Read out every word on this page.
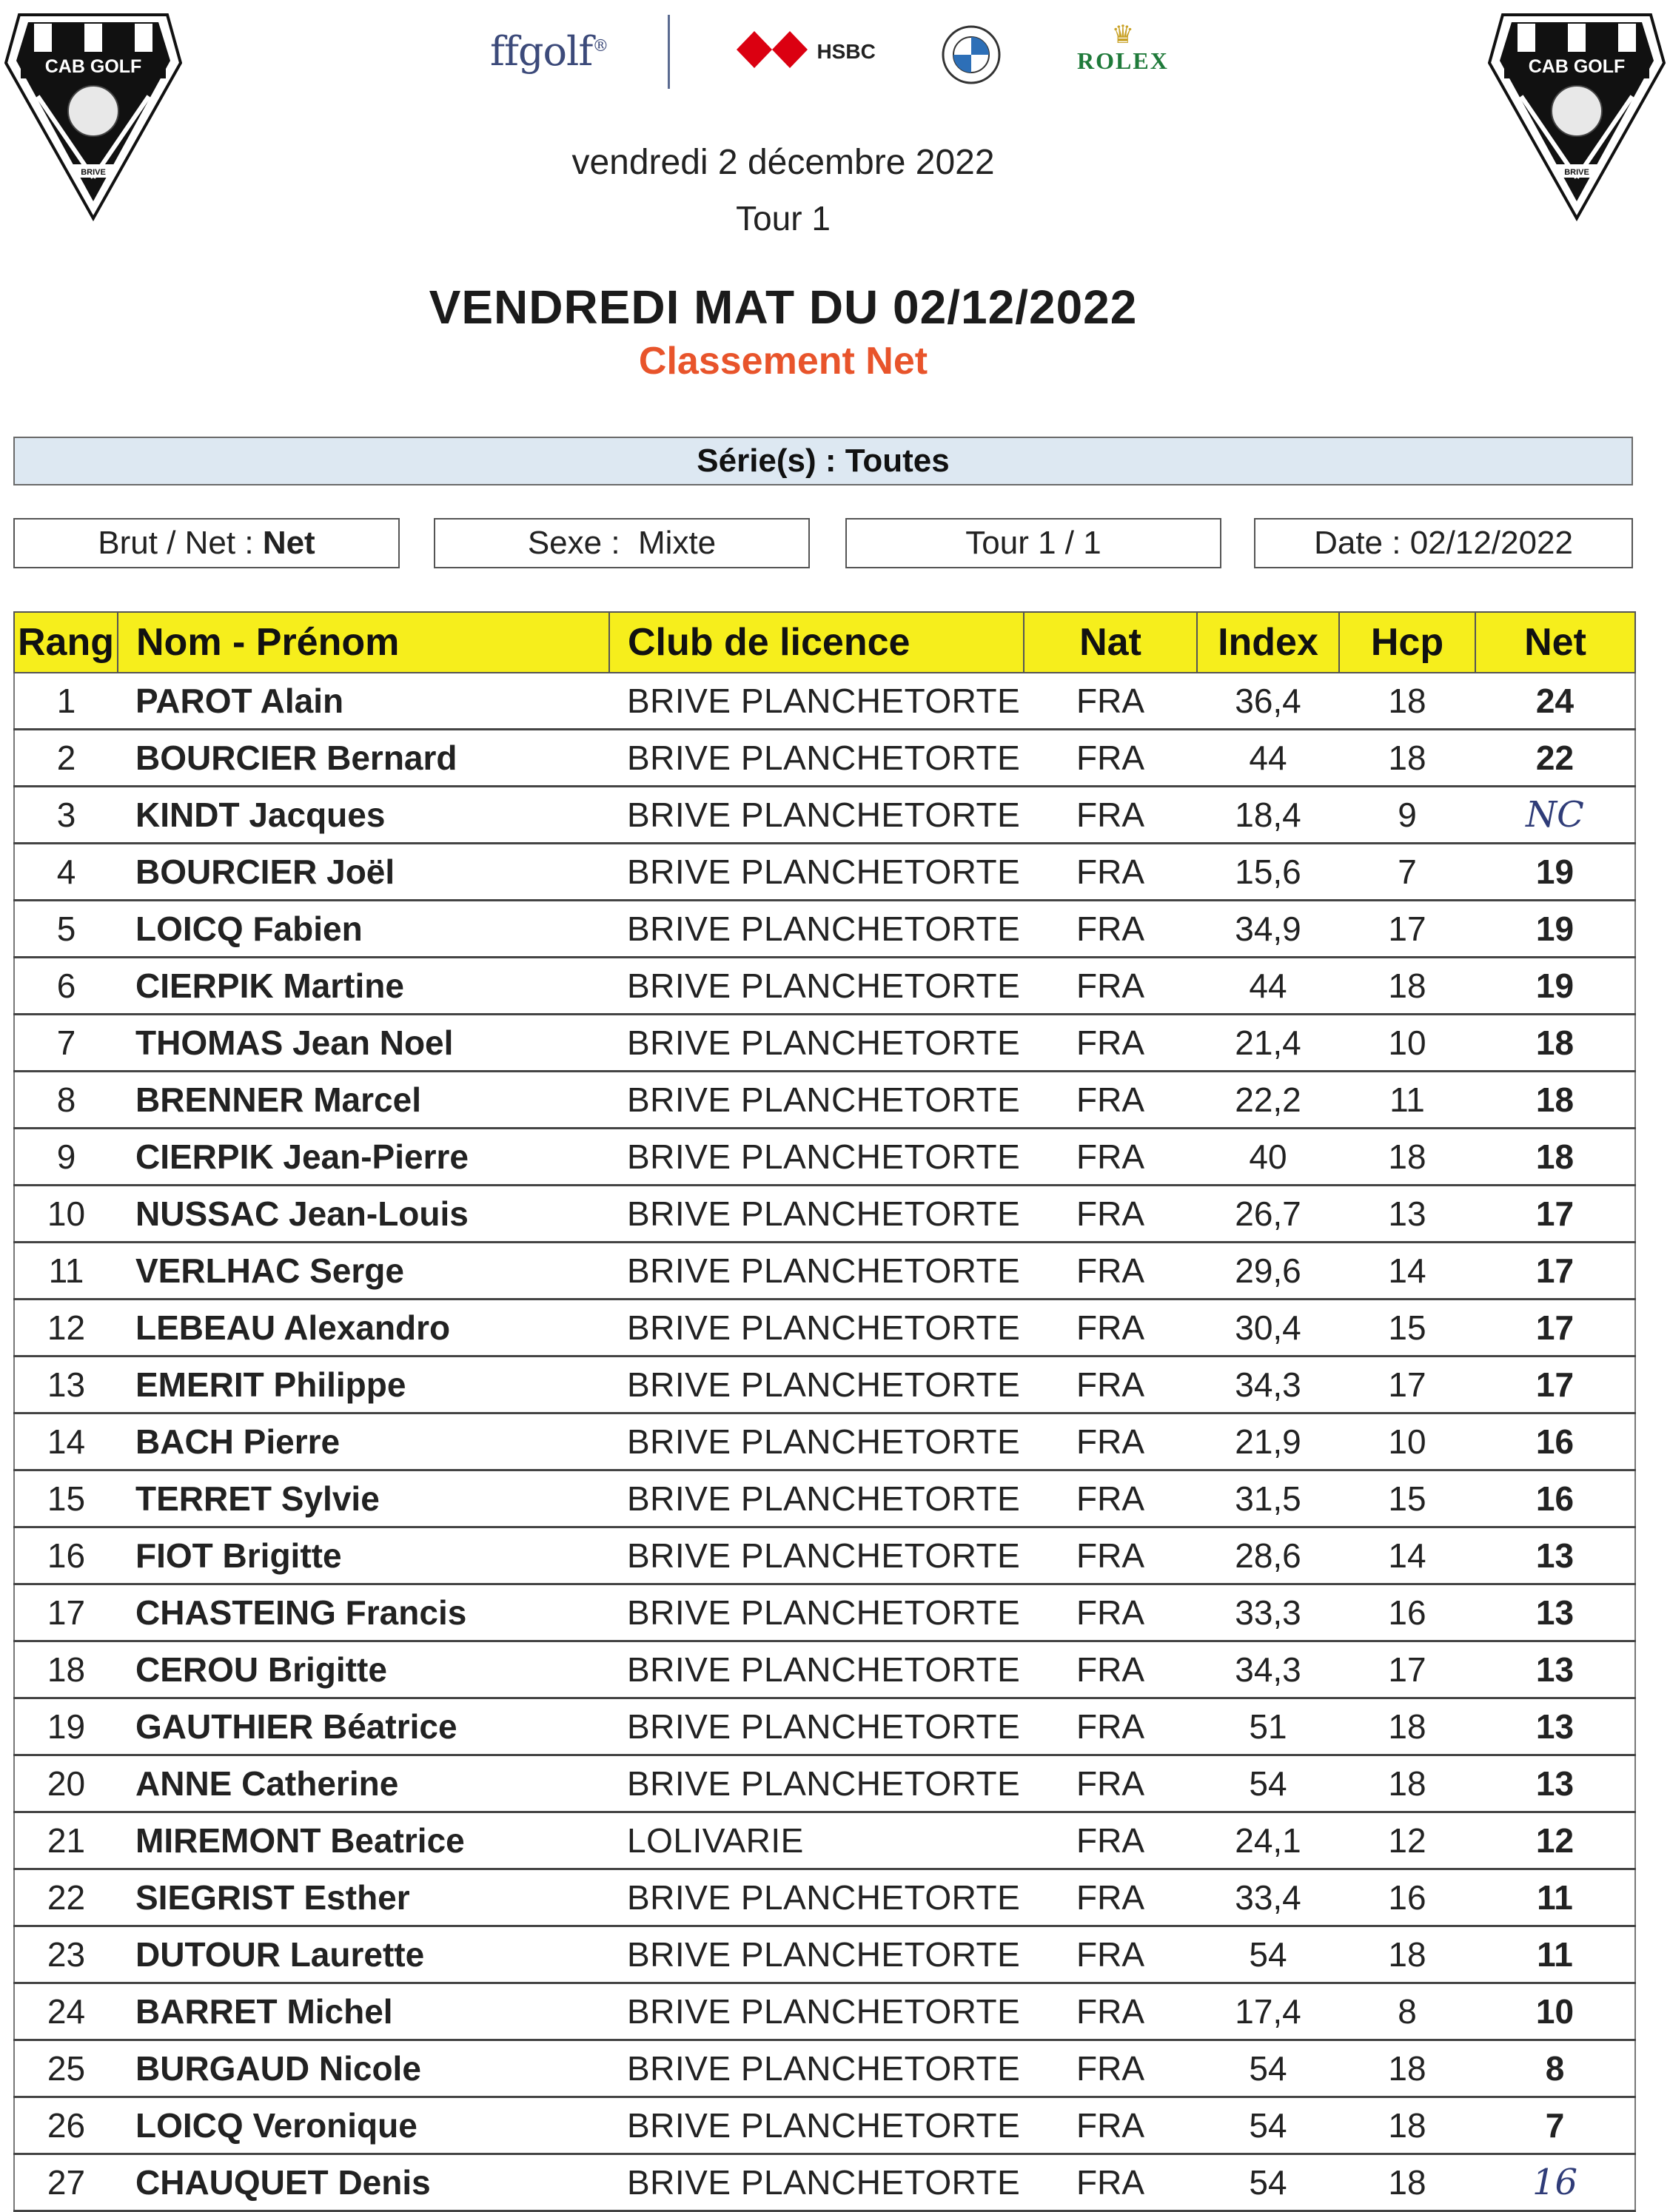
CAB GOLF
BRIVE
CAB GOLF
BRIVE
ffgolf®	HSBC
♛
ROLEX
vendredi 2 décembre 2022
Tour 1
VENDREDI MAT DU 02/12/2022
Classement Net
Série(s) : Toutes
Brut / Net : Net	Sexe : Mixte	Tour 1 / 1	Date : 02/12/2022
Rang	Nom - Prénom	Club de licence	Nat	Index	Hcp	Net
1	PAROT Alain	BRIVE PLANCHETORTE	FRA	36,4	18	24
2	BOURCIER Bernard	BRIVE PLANCHETORTE	FRA	44	18	22
3	KINDT Jacques	BRIVE PLANCHETORTE	FRA	18,4	9	NC
4	BOURCIER Joël	BRIVE PLANCHETORTE	FRA	15,6	7	19
5	LOICQ Fabien	BRIVE PLANCHETORTE	FRA	34,9	17	19
6	CIERPIK Martine	BRIVE PLANCHETORTE	FRA	44	18	19
7	THOMAS Jean Noel	BRIVE PLANCHETORTE	FRA	21,4	10	18
8	BRENNER Marcel	BRIVE PLANCHETORTE	FRA	22,2	11	18
9	CIERPIK Jean-Pierre	BRIVE PLANCHETORTE	FRA	40	18	18
10	NUSSAC Jean-Louis	BRIVE PLANCHETORTE	FRA	26,7	13	17
11	VERLHAC Serge	BRIVE PLANCHETORTE	FRA	29,6	14	17
12	LEBEAU Alexandro	BRIVE PLANCHETORTE	FRA	30,4	15	17
13	EMERIT Philippe	BRIVE PLANCHETORTE	FRA	34,3	17	17
14	BACH Pierre	BRIVE PLANCHETORTE	FRA	21,9	10	16
15	TERRET Sylvie	BRIVE PLANCHETORTE	FRA	31,5	15	16
16	FIOT Brigitte	BRIVE PLANCHETORTE	FRA	28,6	14	13
17	CHASTEING Francis	BRIVE PLANCHETORTE	FRA	33,3	16	13
18	CEROU Brigitte	BRIVE PLANCHETORTE	FRA	34,3	17	13
19	GAUTHIER Béatrice	BRIVE PLANCHETORTE	FRA	51	18	13
20	ANNE Catherine	BRIVE PLANCHETORTE	FRA	54	18	13
21	MIREMONT Beatrice	LOLIVARIE	FRA	24,1	12	12
22	SIEGRIST Esther	BRIVE PLANCHETORTE	FRA	33,4	16	11
23	DUTOUR Laurette	BRIVE PLANCHETORTE	FRA	54	18	11
24	BARRET Michel	BRIVE PLANCHETORTE	FRA	17,4	8	10
25	BURGAUD Nicole	BRIVE PLANCHETORTE	FRA	54	18	8
26	LOICQ Veronique	BRIVE PLANCHETORTE	FRA	54	18	7
27	CHAUQUET Denis	BRIVE PLANCHETORTE	FRA	54	18	16
